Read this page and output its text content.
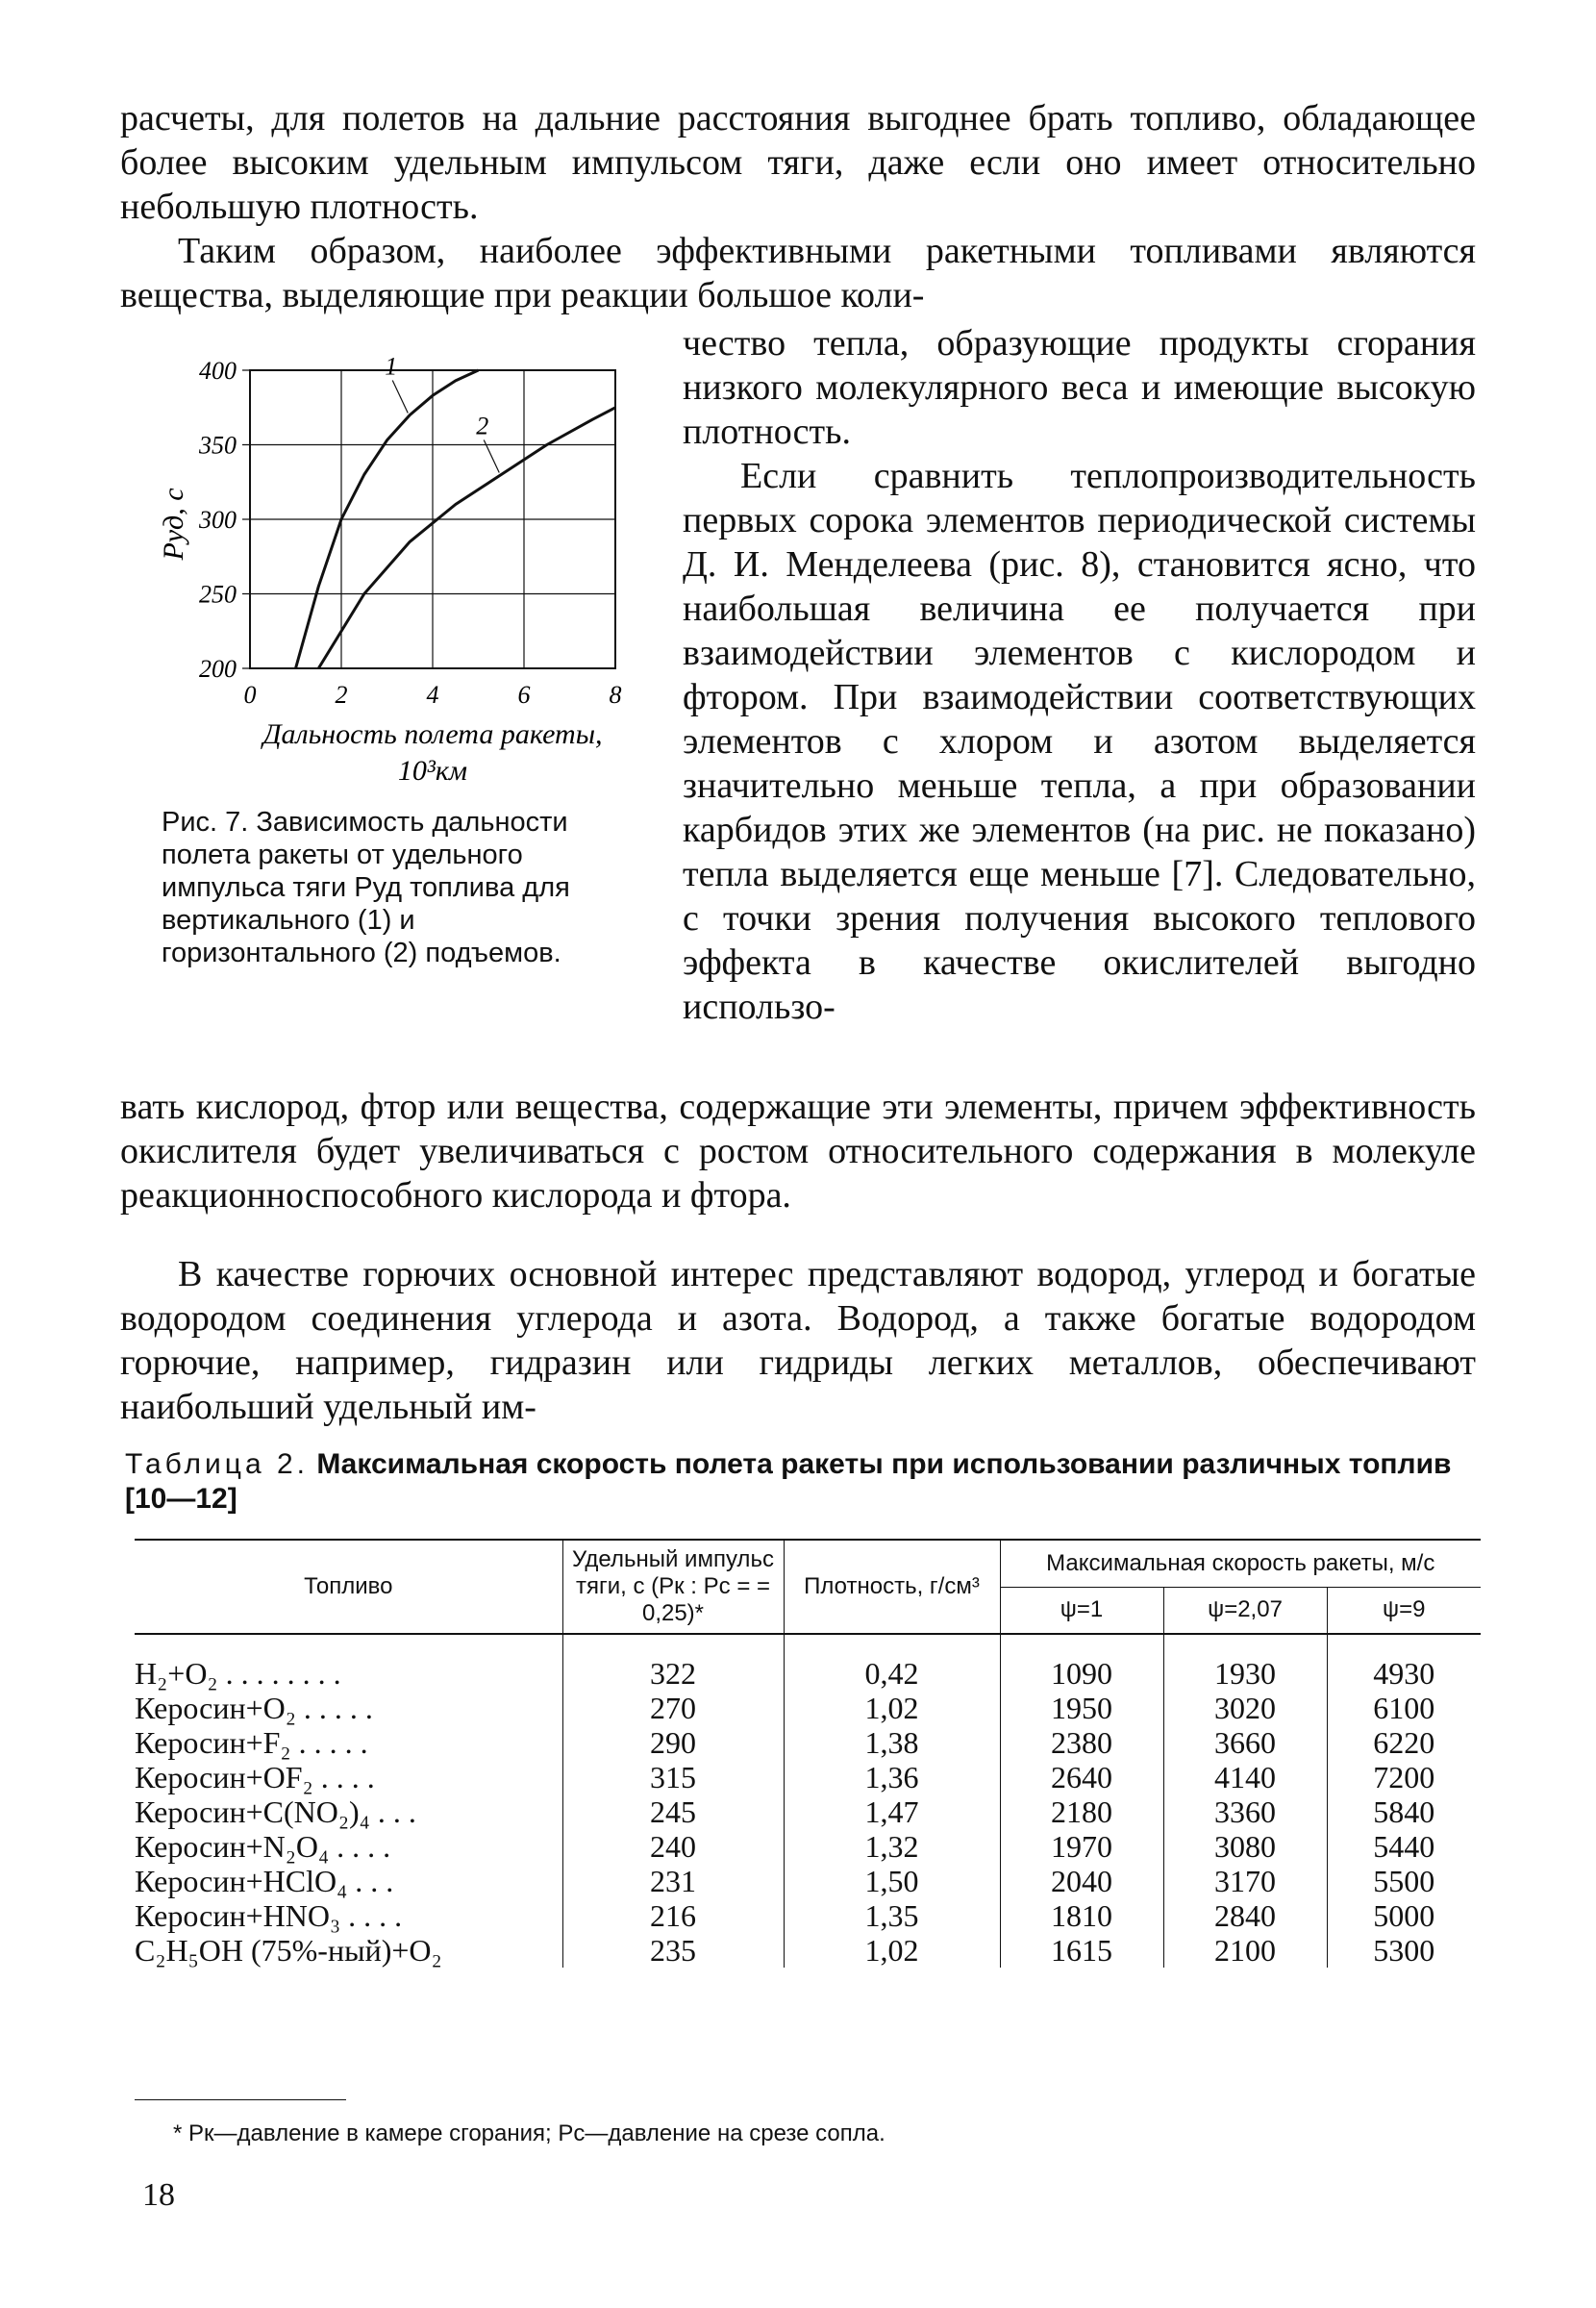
расчеты, для полетов на дальние расстояния выгоднее брать топливо, обладающее более высоким удельным импульсом тяги, даже если оно имеет относительно небольшую плотность.

Таким образом, наиболее эффективными ракетными топливами являются вещества, выделяющие при реакции большое коли-

1
2
400
350
300
250
200
0	2	4	6	8
Pуд, с
Дальность полета ракеты, 10³км
Рис. 7. Зависимость дальности полета ракеты от удельного импульса тяги Pуд топлива для вертикального (1) и горизонтального (2) подъемов.

чество тепла, образующие продукты сгорания низкого молекулярного веса и имеющие высокую плотность.

Если сравнить теплопроизводительность первых сорока элементов периодической системы Д. И. Менделеева (рис. 8), становится ясно, что наибольшая величина ее получается при взаимодействии элементов с кислородом и фтором. При взаимодействии соответствующих элементов с хлором и азотом выделяется значительно меньше тепла, а при образовании карбидов этих же элементов (на рис. не показано) тепла выделяется еще меньше [7]. Следовательно, с точки зрения получения высокого теплового эффекта в качестве окислителей выгодно использо-

вать кислород, фтор или вещества, содержащие эти элементы, причем эффективность окислителя будет увеличиваться с ростом относительного содержания в молекуле реакционноспособного кислорода и фтора.

В качестве горючих основной интерес представляют водород, углерод и богатые водородом соединения углерода и азота. Водород, а также богатые водородом горючие, например, гидразин или гидриды легких металлов, обеспечивают наибольший удельный им-

Таблица 2. Максимальная скорость полета ракеты при использовании различных топлив [10—12]
Топливо	Удельный импульс тяги, с (Pк : Pс = = 0,25)*	Плотность, г/см³	Максимальная скорость ракеты, м/с		
			ψ=1	ψ=2,07	ψ=9
H₂+O₂ . . . . . . . .	322	0,42	1090	1930	4930
Керосин+O₂ . . . . .	270	1,02	1950	3020	6100
Керосин+F₂ . . . . .	290	1,38	2380	3660	6220
Керосин+OF₂ . . . .	315	1,36	2640	4140	7200
Керосин+C(NO₂)₄ . . .	245	1,47	2180	3360	5840
Керосин+N₂O₄ . . . .	240	1,32	1970	3080	5440
Керосин+HClO₄ . . .	231	1,50	2040	3170	5500
Керосин+HNO₃ . . . .	216	1,35	1810	2840	5000
C₂H₅OH (75%-ный)+O₂	235	1,02	1615	2100	5300
* Pк—давление в камере сгорания; Pс—давление на срезе сопла.
18
